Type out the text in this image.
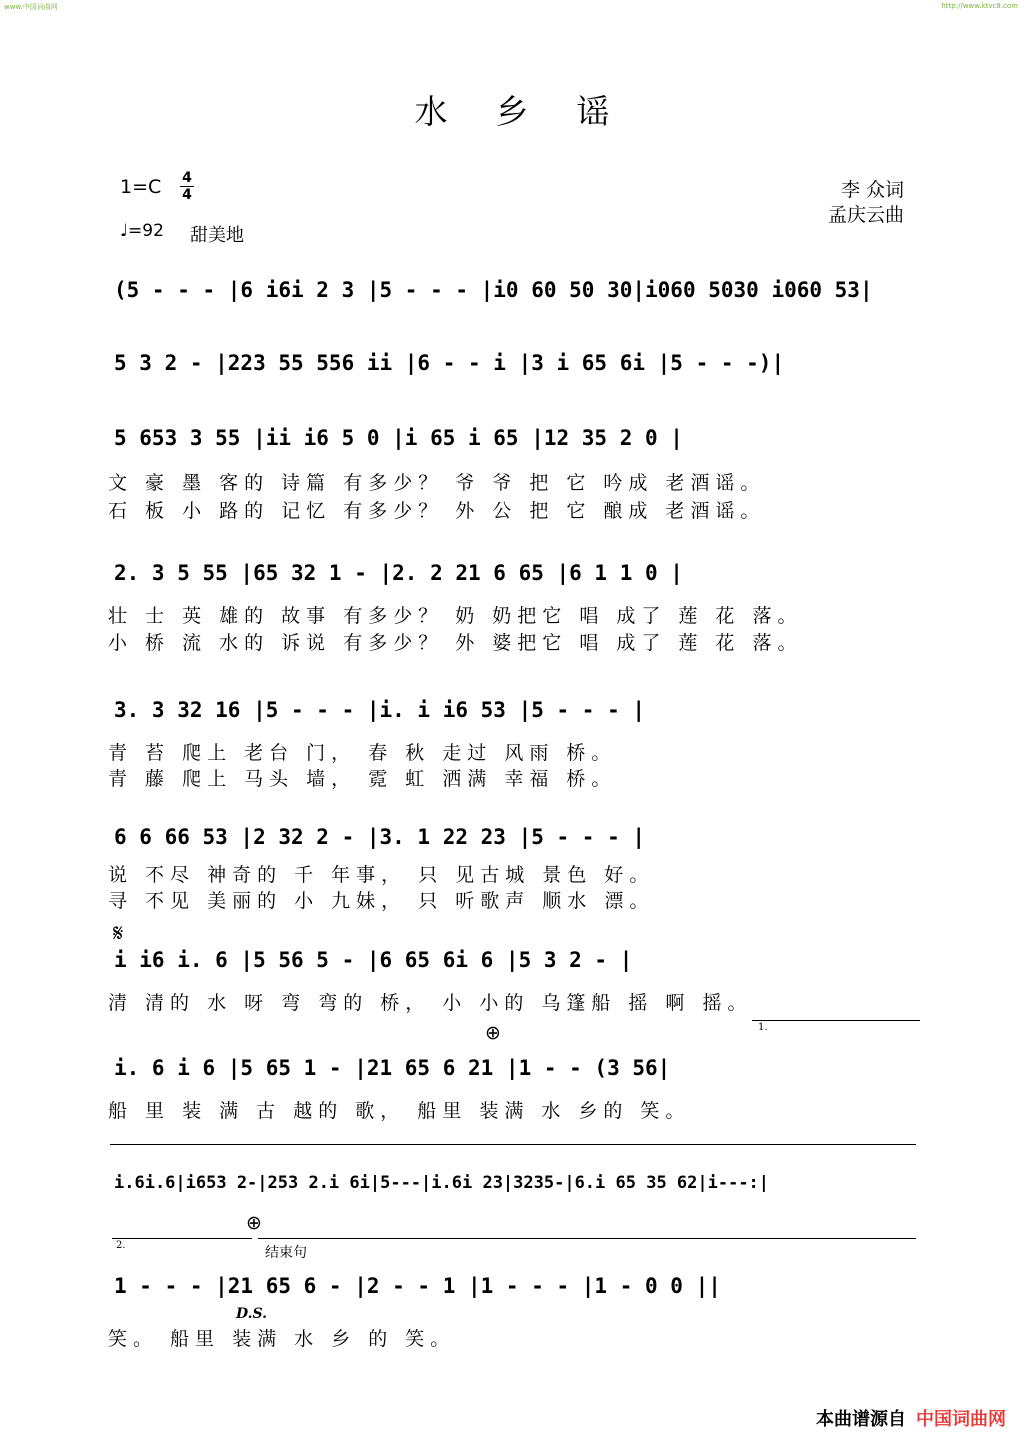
www.中国词曲网	http://www.ktvc8.com
水乡谣
1=C 4
4
♩=92 甜美地
李 众词
孟庆云曲
(5 - - - |6 i6i 2 3 |5 - - - |i0 60 50 30|i060 5030 i060 53|
5 3 2 - |223 55 556 ii |6 - - i |3 i 65 6i |5 - - -)|
5 653 3 55 |ii i6 5 0 |i 65 i 65 |12 35 2 0 |
文 豪 墨 客的 诗篇 有多少？ 爷 爷 把 它 吟成 老酒谣。
石 板 小 路的 记忆 有多少？ 外 公 把 它 酿成 老酒谣。
2. 3 5 55 |65 32 1 - |2. 2 21 6 65 |6 1 1 0 |
壮 士 英 雄的 故事 有多少？ 奶 奶把它 唱 成了 莲 花 落。
小 桥 流 水的 诉说 有多少？ 外 婆把它 唱 成了 莲 花 落。
3. 3 32 16 |5 - - - |i. i i6 53 |5 - - - |
青 苔 爬上 老台 门， 春 秋 走过 风雨 桥。
青 藤 爬上 马头 墙， 霓 虹 洒满 幸福 桥。
6 6 66 53 |2 32 2 - |3. 1 22 23 |5 - - - |
说 不尽 神奇的 千 年事， 只 见古城 景色 好。
寻 不见 美丽的 小 九妹， 只 听歌声 顺水 漂。
𝄋
i i6 i. 6 |5 56 5 - |6 65 6i 6 |5 3 2 - |
清 清的 水 呀 弯 弯的 桥， 小 小的 乌篷船 摇 啊 摇。
⊕	1.
i. 6 i 6 |5 65 1 - |21 65 6 21 |1 - - (3 56|
船 里 装 满 古 越的 歌， 船里 装满 水 乡的 笑。
i.6i.6|i653 2-|253 2.i 6i|5---|i.6i 23|3235-|6.i 65 35 62|i---:|
⊕
2.	结束句
1 - - - |21 65 6 - |2 - - 1 |1 - - - |1 - 0 0 ||
D.S.
笑。 船里 装满 水 乡 的 笑。
本曲谱源自 中国词曲网
